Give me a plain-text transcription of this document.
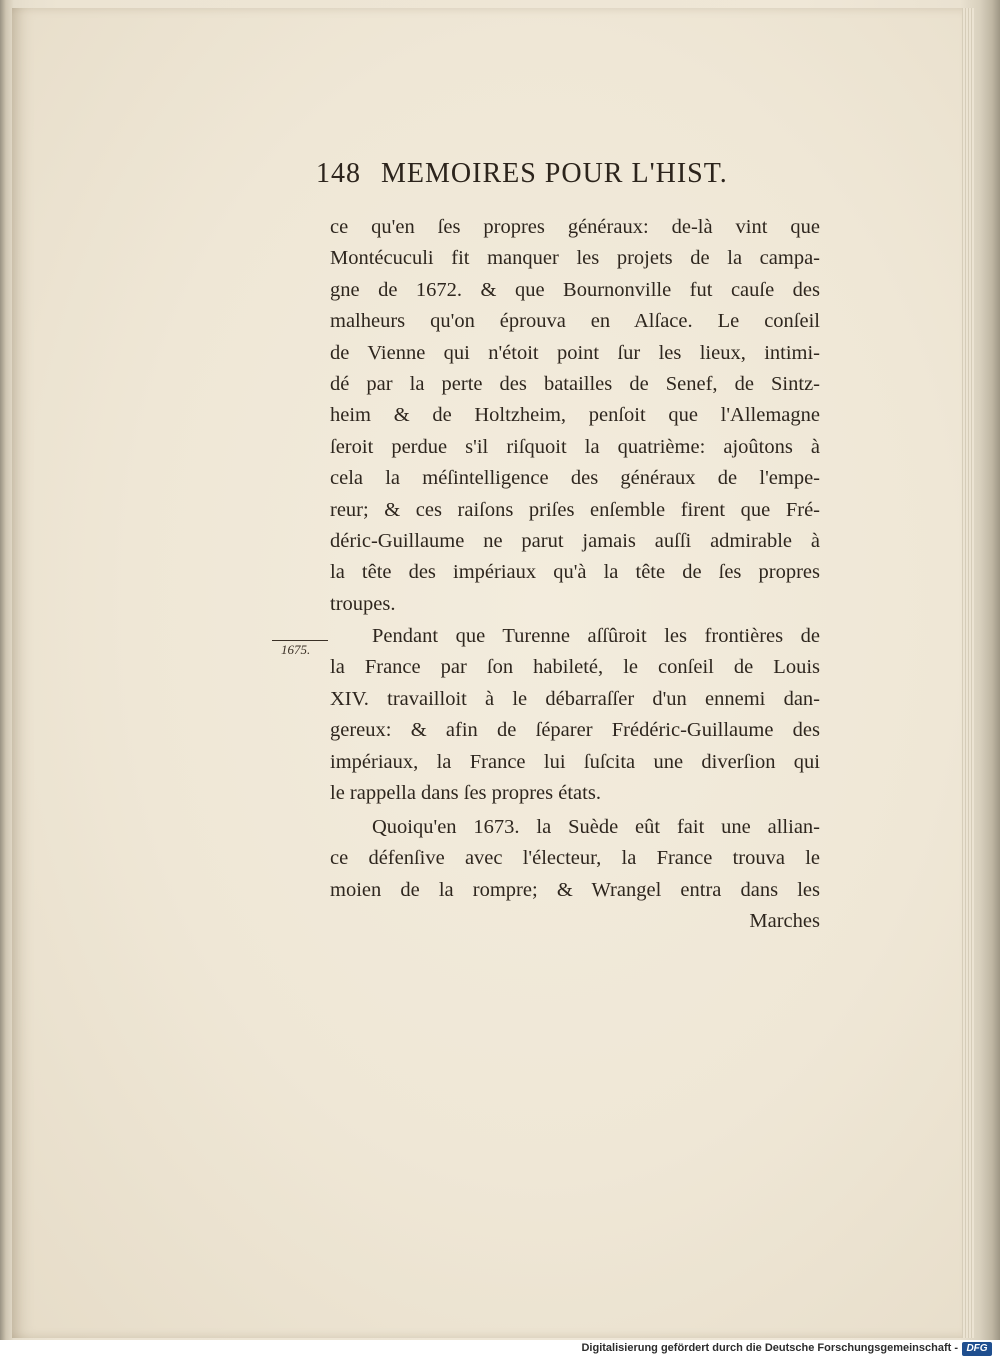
148 MEMOIRES POUR L'HIST.
ce qu'en ſes propres généraux: de-là vint que
Montécuculi fit manquer les projets de la campa-
gne de 1672. & que Bournonville fut cauſe des
malheurs qu'on éprouva en Alſace. Le conſeil
de Vienne qui n'étoit point ſur les lieux, intimi-
dé par la perte des batailles de Senef, de Sintz-
heim & de Holtzheim, penſoit que l'Allemagne
ſeroit perdue s'il riſquoit la quatrième: ajoûtons à
cela la méſintelligence des généraux de l'empe-
reur; & ces raiſons priſes enſemble firent que Fré-
déric-Guillaume ne parut jamais auſſi admirable à
la tête des impériaux qu'à la tête de ſes propres
troupes.
1675.
Pendant que Turenne aſſûroit les frontières de
la France par ſon habileté, le conſeil de Louis
XIV. travailloit à le débarraſſer d'un ennemi dan-
gereux: & afin de ſéparer Frédéric-Guillaume des
impériaux, la France lui ſuſcita une diverſion qui
le rappella dans ſes propres états.
Quoiqu'en 1673. la Suède eût fait une allian-
ce défenſive avec l'électeur, la France trouva le
moien de la rompre; & Wrangel entra dans les
Marches
Digitalisierung gefördert durch die Deutsche Forschungsgemeinschaft - DFG
